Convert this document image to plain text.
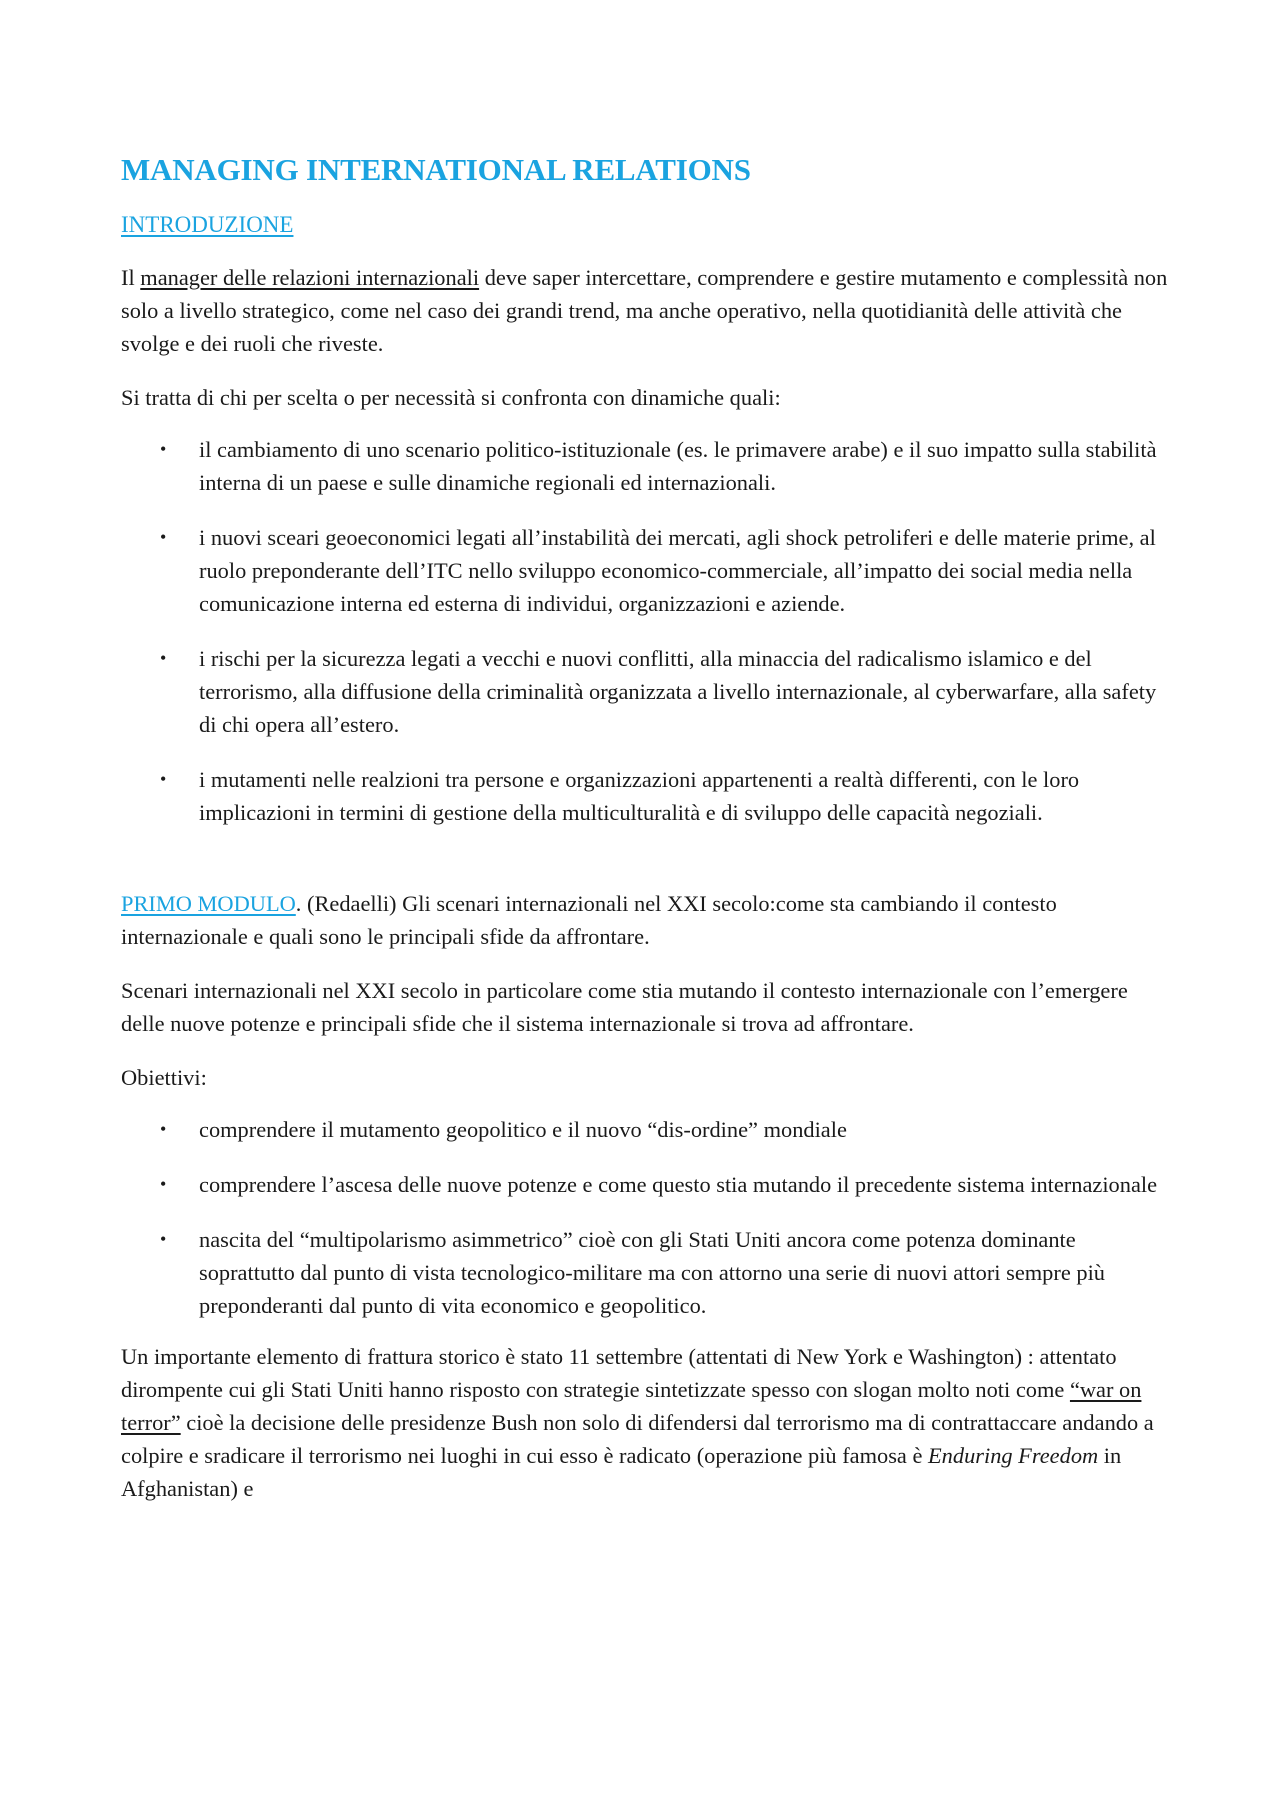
MANAGING INTERNATIONAL RELATIONS
INTRODUZIONE

Il manager delle relazioni internazionali deve saper intercettare, comprendere e gestire mutamento e complessità non solo a livello strategico, come nel caso dei grandi trend, ma anche operativo, nella quotidianità delle attività che svolge e dei ruoli che riveste.

Si tratta di chi per scelta o per necessità si confronta con dinamiche quali:

• il cambiamento di uno scenario politico-istituzionale (es. le primavere arabe) e il suo impatto sulla stabilità interna di un paese e sulle dinamiche regionali ed internazionali.
• i nuovi sceari geoeconomici legati all’instabilità dei mercati, agli shock petroliferi e delle materie prime, al ruolo preponderante dell’ITC nello sviluppo economico-commerciale, all’impatto dei social media nella comunicazione interna ed esterna di individui, organizzazioni e aziende.
• i rischi per la sicurezza legati a vecchi e nuovi conflitti, alla minaccia del radicalismo islamico e del terrorismo, alla diffusione della criminalità organizzata a livello internazionale, al cyberwarfare, alla safety di chi opera all’estero.
• i mutamenti nelle realzioni tra persone e organizzazioni appartenenti a realtà differenti, con le loro implicazioni in termini di gestione della multiculturalità e di sviluppo delle capacità negoziali.

PRIMO MODULO. (Redaelli) Gli scenari internazionali nel XXI secolo:come sta cambiando il contesto internazionale e quali sono le principali sfide da affrontare.

Scenari internazionali nel XXI secolo in particolare come stia mutando il contesto internazionale con l’emergere delle nuove potenze e principali sfide che il sistema internazionale si trova ad affrontare.

Obiettivi:

• comprendere il mutamento geopolitico e il nuovo “dis-ordine” mondiale
• comprendere l’ascesa delle nuove potenze e come questo stia mutando il precedente sistema internazionale
• nascita del “multipolarismo asimmetrico” cioè con gli Stati Uniti ancora come potenza dominante soprattutto dal punto di vista tecnologico-militare ma con attorno una serie di nuovi attori sempre più preponderanti dal punto di vita economico e geopolitico.

Un importante elemento di frattura storico è stato 11 settembre (attentati di New York e Washington) : attentato dirompente cui gli Stati Uniti hanno risposto con strategie sintetizzate spesso con slogan molto noti come “war on terror” cioè la decisione delle presidenze Bush non solo di difendersi dal terrorismo ma di contrattaccare andando a colpire e sradicare il terrorismo nei luoghi in cui esso è radicato (operazione più famosa è Enduring Freedom in Afghanistan) e
